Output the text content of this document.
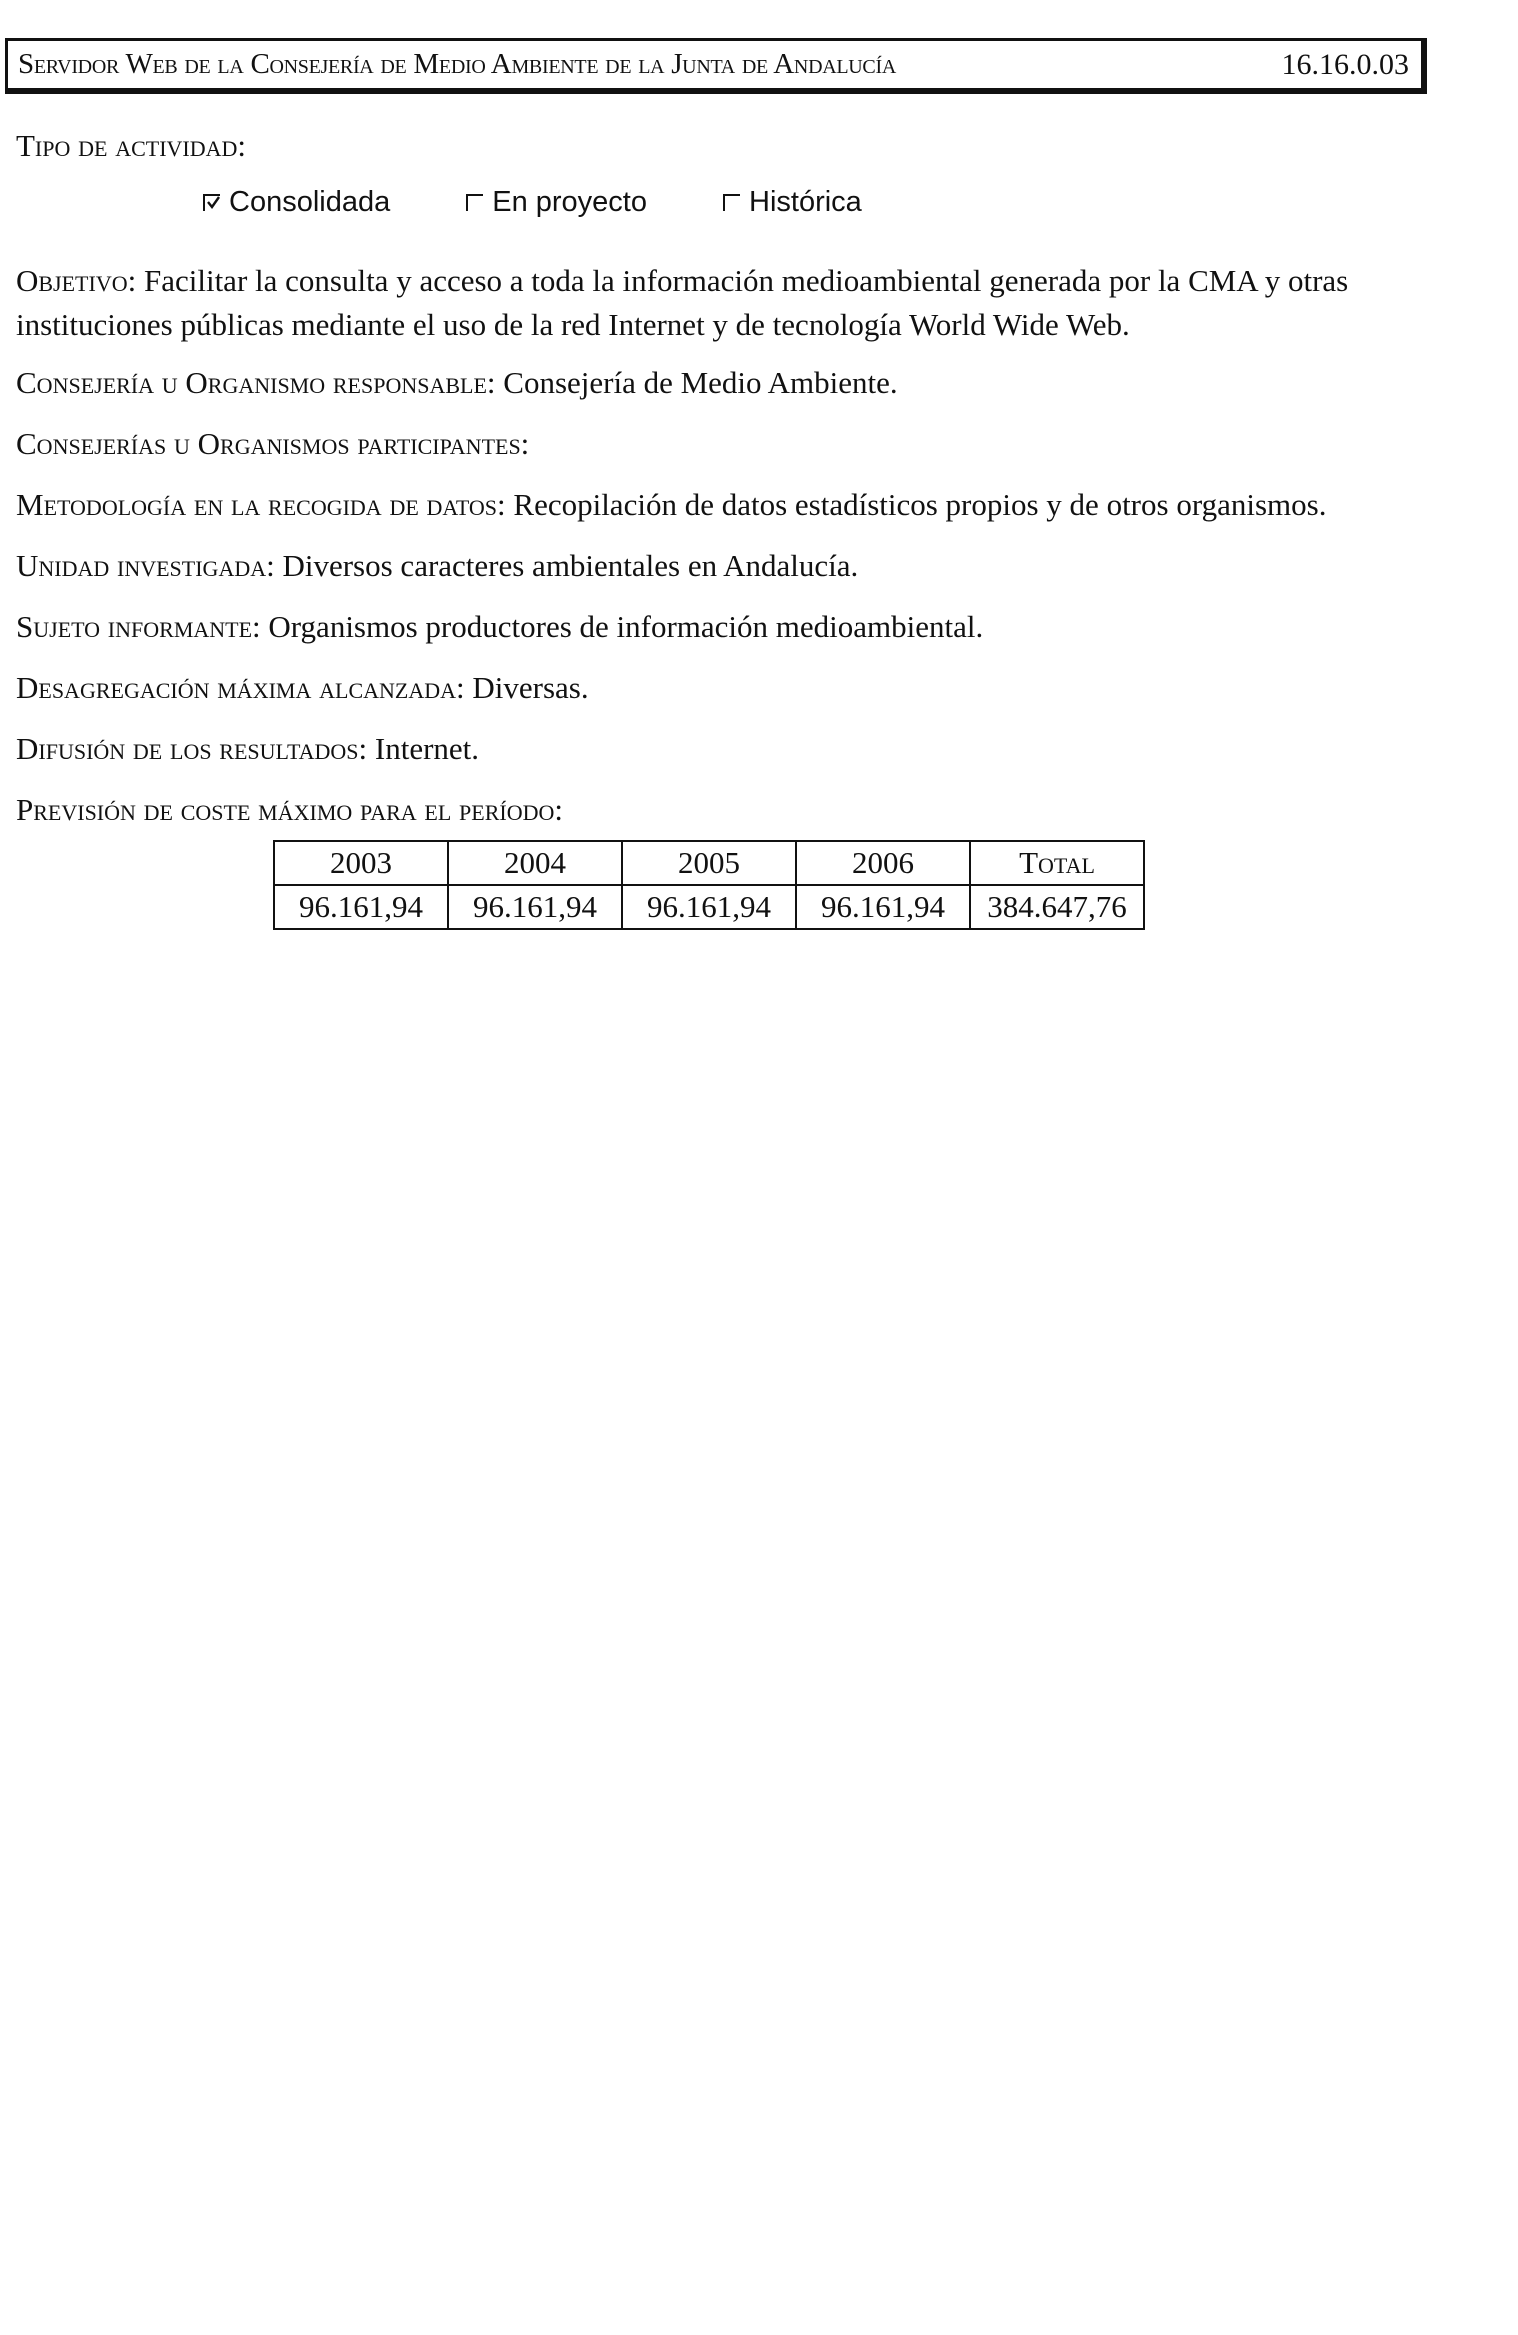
Servidor Web de la Consejería de Medio Ambiente de la Junta de Andalucía	16.16.0.03

Tipo de actividad:

Consolidada	En proyecto	Histórica

Objetivo: Facilitar la consulta y acceso a toda la información medioambiental generada por la CMA y otras instituciones públicas mediante el uso de la red Internet y de tecnología World Wide Web.

Consejería u Organismo responsable: Consejería de Medio Ambiente.

Consejerías u Organismos participantes:

Metodología en la recogida de datos: Recopilación de datos estadísticos propios y de otros organismos.

Unidad investigada: Diversos caracteres ambientales en Andalucía.

Sujeto informante: Organismos productores de información medioambiental.

Desagregación máxima alcanzada: Diversas.

Difusión de los resultados: Internet.

Previsión de coste máximo para el período:

2003	2004	2005	2006	Total
96.161,94	96.161,94	96.161,94	96.161,94	384.647,76
